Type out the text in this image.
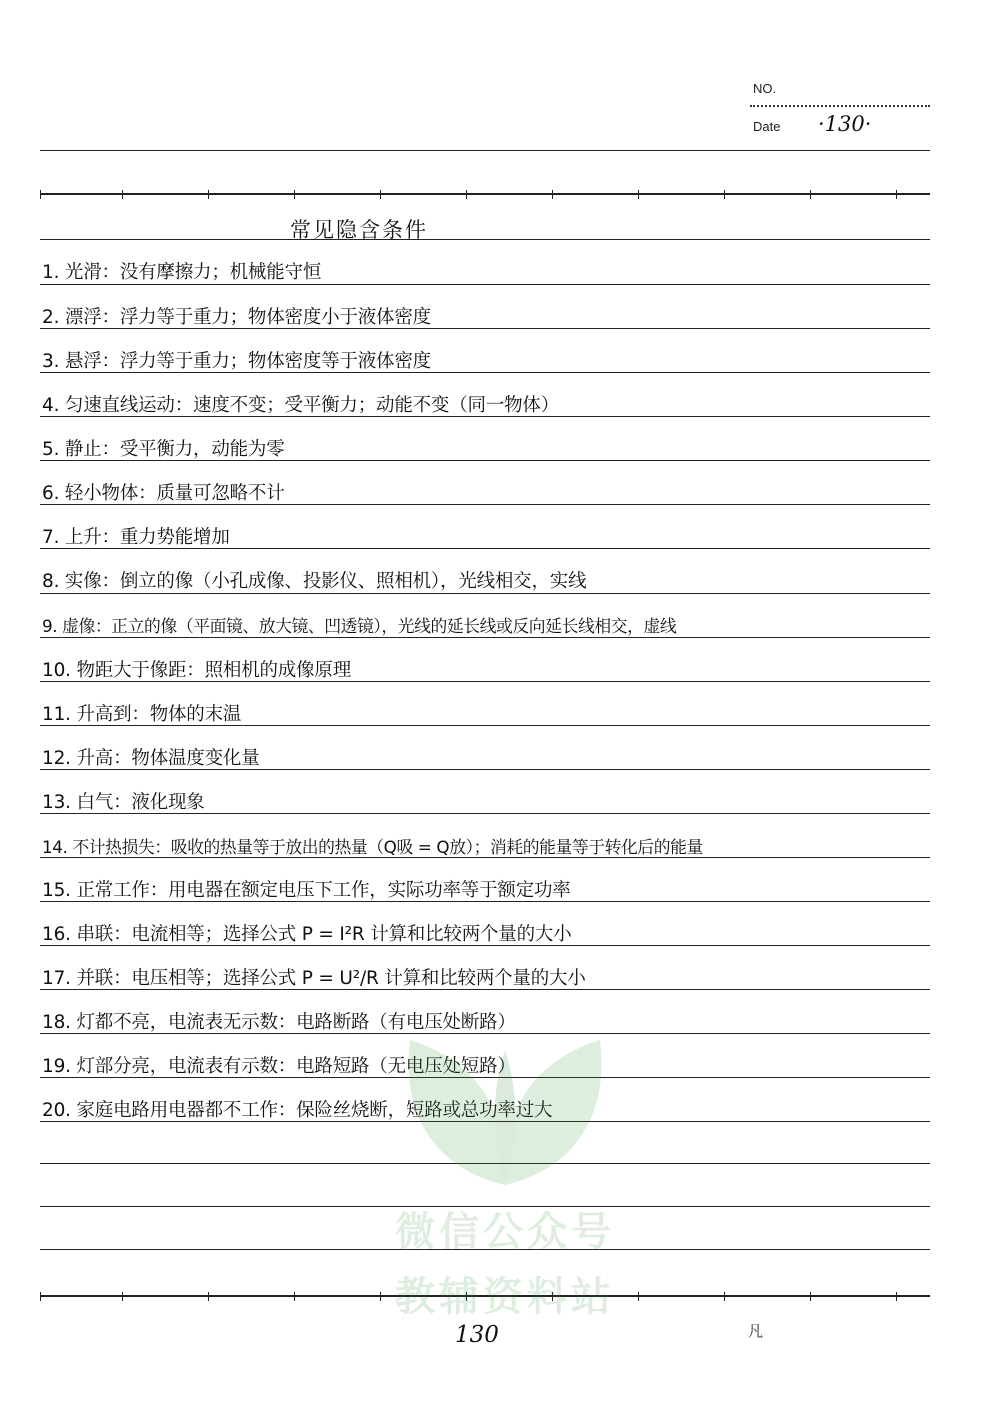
NO.
Date ·130·
常见隐含条件
1. 光滑：没有摩擦力；机械能守恒
2. 漂浮：浮力等于重力；物体密度小于液体密度
3. 悬浮：浮力等于重力；物体密度等于液体密度
4. 匀速直线运动：速度不变；受平衡力；动能不变（同一物体）
5. 静止：受平衡力，动能为零
6. 轻小物体：质量可忽略不计
7. 上升：重力势能增加
8. 实像：倒立的像（小孔成像、投影仪、照相机），光线相交，实线
9. 虚像：正立的像（平面镜、放大镜、凹透镜），光线的延长线或反向延长线相交，虚线
10. 物距大于像距：照相机的成像原理
11. 升高到：物体的末温
12. 升高：物体温度变化量
13. 白气：液化现象
14. 不计热损失：吸收的热量等于放出的热量（Q吸 = Q放）；消耗的能量等于转化后的能量
15. 正常工作：用电器在额定电压下工作，实际功率等于额定功率
16. 串联：电流相等；选择公式 P = I²R 计算和比较两个量的大小
17. 并联：电压相等；选择公式 P = U²/R 计算和比较两个量的大小
18. 灯都不亮，电流表无示数：电路断路（有电压处断路）
19. 灯部分亮，电流表有示数：电路短路（无电压处短路）
20. 家庭电路用电器都不工作：保险丝烧断，短路或总功率过大
微信公众号
教辅资料站
130	凡
